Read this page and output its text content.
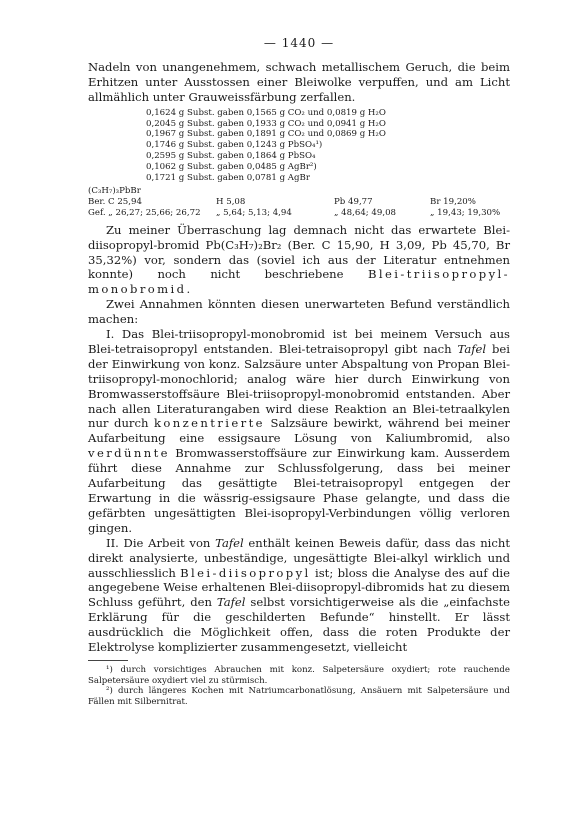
— 1440 —

Nadeln von unangenehmem, schwach metallischem Geruch, die beim Erhitzen unter Ausstossen einer Bleiwolke verpuffen, und am Licht allmählich unter Grauweissfärbung zerfallen.

0,1624 g Subst. gaben 0,1565 g CO₂ und 0,0819 g H₂O
0,2045 g Subst. gaben 0,1933 g CO₂ und 0,0941 g H₂O
0,1967 g Subst. gaben 0,1891 g CO₂ und 0,0869 g H₂O
0,1746 g Subst. gaben 0,1243 g PbSO₄¹)
0,2595 g Subst. gaben 0,1864 g PbSO₄
0,1062 g Subst. gaben 0,0485 g AgBr²)
0,1721 g Subst. gaben 0,0781 g AgBr
(C₃H₇)₃PbBr
Ber. C 25,94	H 5,08	Pb 49,77	Br 19,20%
Gef. „ 26,27; 25,66; 26,72	„ 5,64; 5,13; 4,94	„ 48,64; 49,08	„ 19,43; 19,30%

Zu meiner Überraschung lag demnach nicht das erwartete Blei-diisopropyl-bromid Pb(C₃H₇)₂Br₂ (Ber. C 15,90, H 3,09, Pb 45,70, Br 35,32%) vor, sondern das (soviel ich aus der Literatur entnehmen konnte) noch nicht beschriebene Blei-triisopropyl-monobromid.

Zwei Annahmen könnten diesen unerwarteten Befund verständlich machen:

I. Das Blei-triisopropyl-monobromid ist bei meinem Versuch aus Blei-tetraisopropyl entstanden. Blei-tetraisopropyl gibt nach Tafel bei der Einwirkung von konz. Salzsäure unter Abspaltung von Propan Blei-triisopropyl-monochlorid; analog wäre hier durch Einwirkung von Bromwasserstoffsäure Blei-triisopropyl-monobromid entstanden. Aber nach allen Literaturangaben wird diese Reaktion an Blei-tetraalkylen nur durch konzentrierte Salzsäure bewirkt, während bei meiner Aufarbeitung eine essigsaure Lösung von Kaliumbromid, also verdünnte Bromwasserstoffsäure zur Einwirkung kam. Ausserdem führt diese Annahme zur Schlussfolgerung, dass bei meiner Aufarbeitung das gesättigte Blei-tetraisopropyl entgegen der Erwartung in die wässrig-essigsaure Phase gelangte, und dass die gefärbten ungesättigten Blei-isopropyl-Verbindungen völlig verloren gingen.

II. Die Arbeit von Tafel enthält keinen Beweis dafür, dass das nicht direkt analysierte, unbeständige, ungesättigte Blei-alkyl wirklich und ausschliesslich Blei-diisopropyl ist; bloss die Analyse des auf die angegebene Weise erhaltenen Blei-diisopropyl-dibromids hat zu diesem Schluss geführt, den Tafel selbst vorsichtigerweise als die „einfachste Erklärung für die geschilderten Befunde“ hinstellt. Er lässt ausdrücklich die Möglichkeit offen, dass die roten Produkte der Elektrolyse komplizierter zusammengesetzt, vielleicht

¹) durch vorsichtiges Abrauchen mit konz. Salpetersäure oxydiert; rote rauchende Salpetersäure oxydiert viel zu stürmisch.

²) durch längeres Kochen mit Natriumcarbonatlösung, Ansäuern mit Salpetersäure und Fällen mit Silbernitrat.
